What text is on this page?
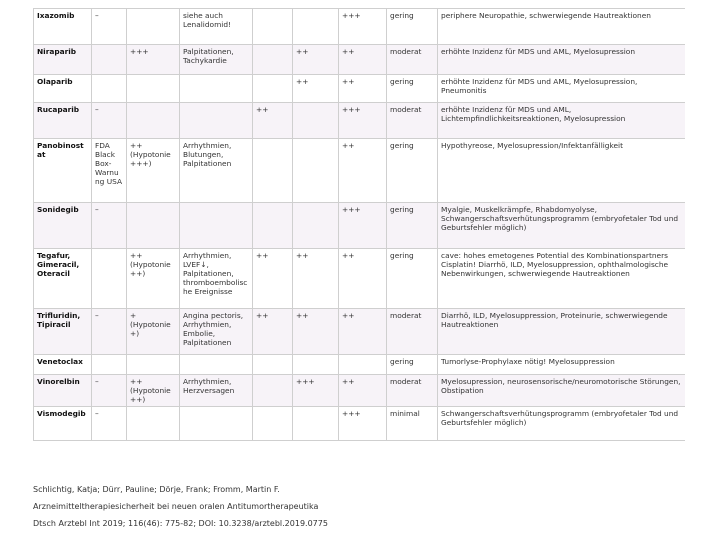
Ixazomib	–		siehe auch Lenalidomid!			+++	gering	periphere Neuropathie, schwerwiegende Hautreaktionen
Niraparib		+++	Palpitationen, Tachykardie		++	++	moderat	erhöhte Inzidenz für MDS und AML, Myelosupression
Olaparib					++	++	gering	erhöhte Inzidenz für MDS und AML, Myelosupression, Pneumonitis
Rucaparib	–			++		+++	moderat	erhöhte Inzidenz für MDS und AML, Lichtempfindlichkeitsreaktionen, Myelosupression
Panobinostat	FDA Black Box-Warnung USA	++ (Hypotonie +++)	Arrhythmien, Blutungen, Palpitationen			++	gering	Hypothyreose, Myelosupression/Infektanfälligkeit
Sonidegib	–					+++	gering	Myalgie, Muskelkrämpfe, Rhabdomyolyse, Schwangerschaftsverhütungsprogramm (embryofetaler Tod und Geburtsfehler möglich)
Tegafur, Gimeracil, Oteracil		++ (Hypotonie ++)	Arrhythmien, LVEF↓, Palpitationen, thromboembolische Ereignisse	++	++	++	gering	cave: hohes emetogenes Potential des Kombinationspartners Cisplatin! Diarrhö, ILD, Myelosuppression, ophthalmologische Nebenwirkungen, schwerwiegende Hautreaktionen
Trifluridin, Tipiracil	–	+ (Hypotonie +)	Angina pectoris, Arrhythmien, Embolie, Palpitationen	++	++	++	moderat	Diarrhö, ILD, Myelosuppression, Proteinurie, schwerwiegende Hautreaktionen
Venetoclax							gering	Tumorlyse-Prophylaxe nötig! Myelosuppression
Vinorelbin	–	++ (Hypotonie ++)	Arrhythmien, Herzversagen		+++	++	moderat	Myelosupression, neurosensorische/neuromotorische Störungen, Obstipation
Vismodegib	–					+++	minimal	Schwangerschaftsverhütungsprogramm (embryofetaler Tod und Geburtsfehler möglich)
Schlichtig, Katja; Dürr, Pauline; Dörje, Frank; Fromm, Martin F.
Arzneimitteltherapiesicherheit bei neuen oralen Antitumortherapeutika
Dtsch Arztebl Int 2019; 116(46): 775-82; DOI: 10.3238/arztebl.2019.0775
